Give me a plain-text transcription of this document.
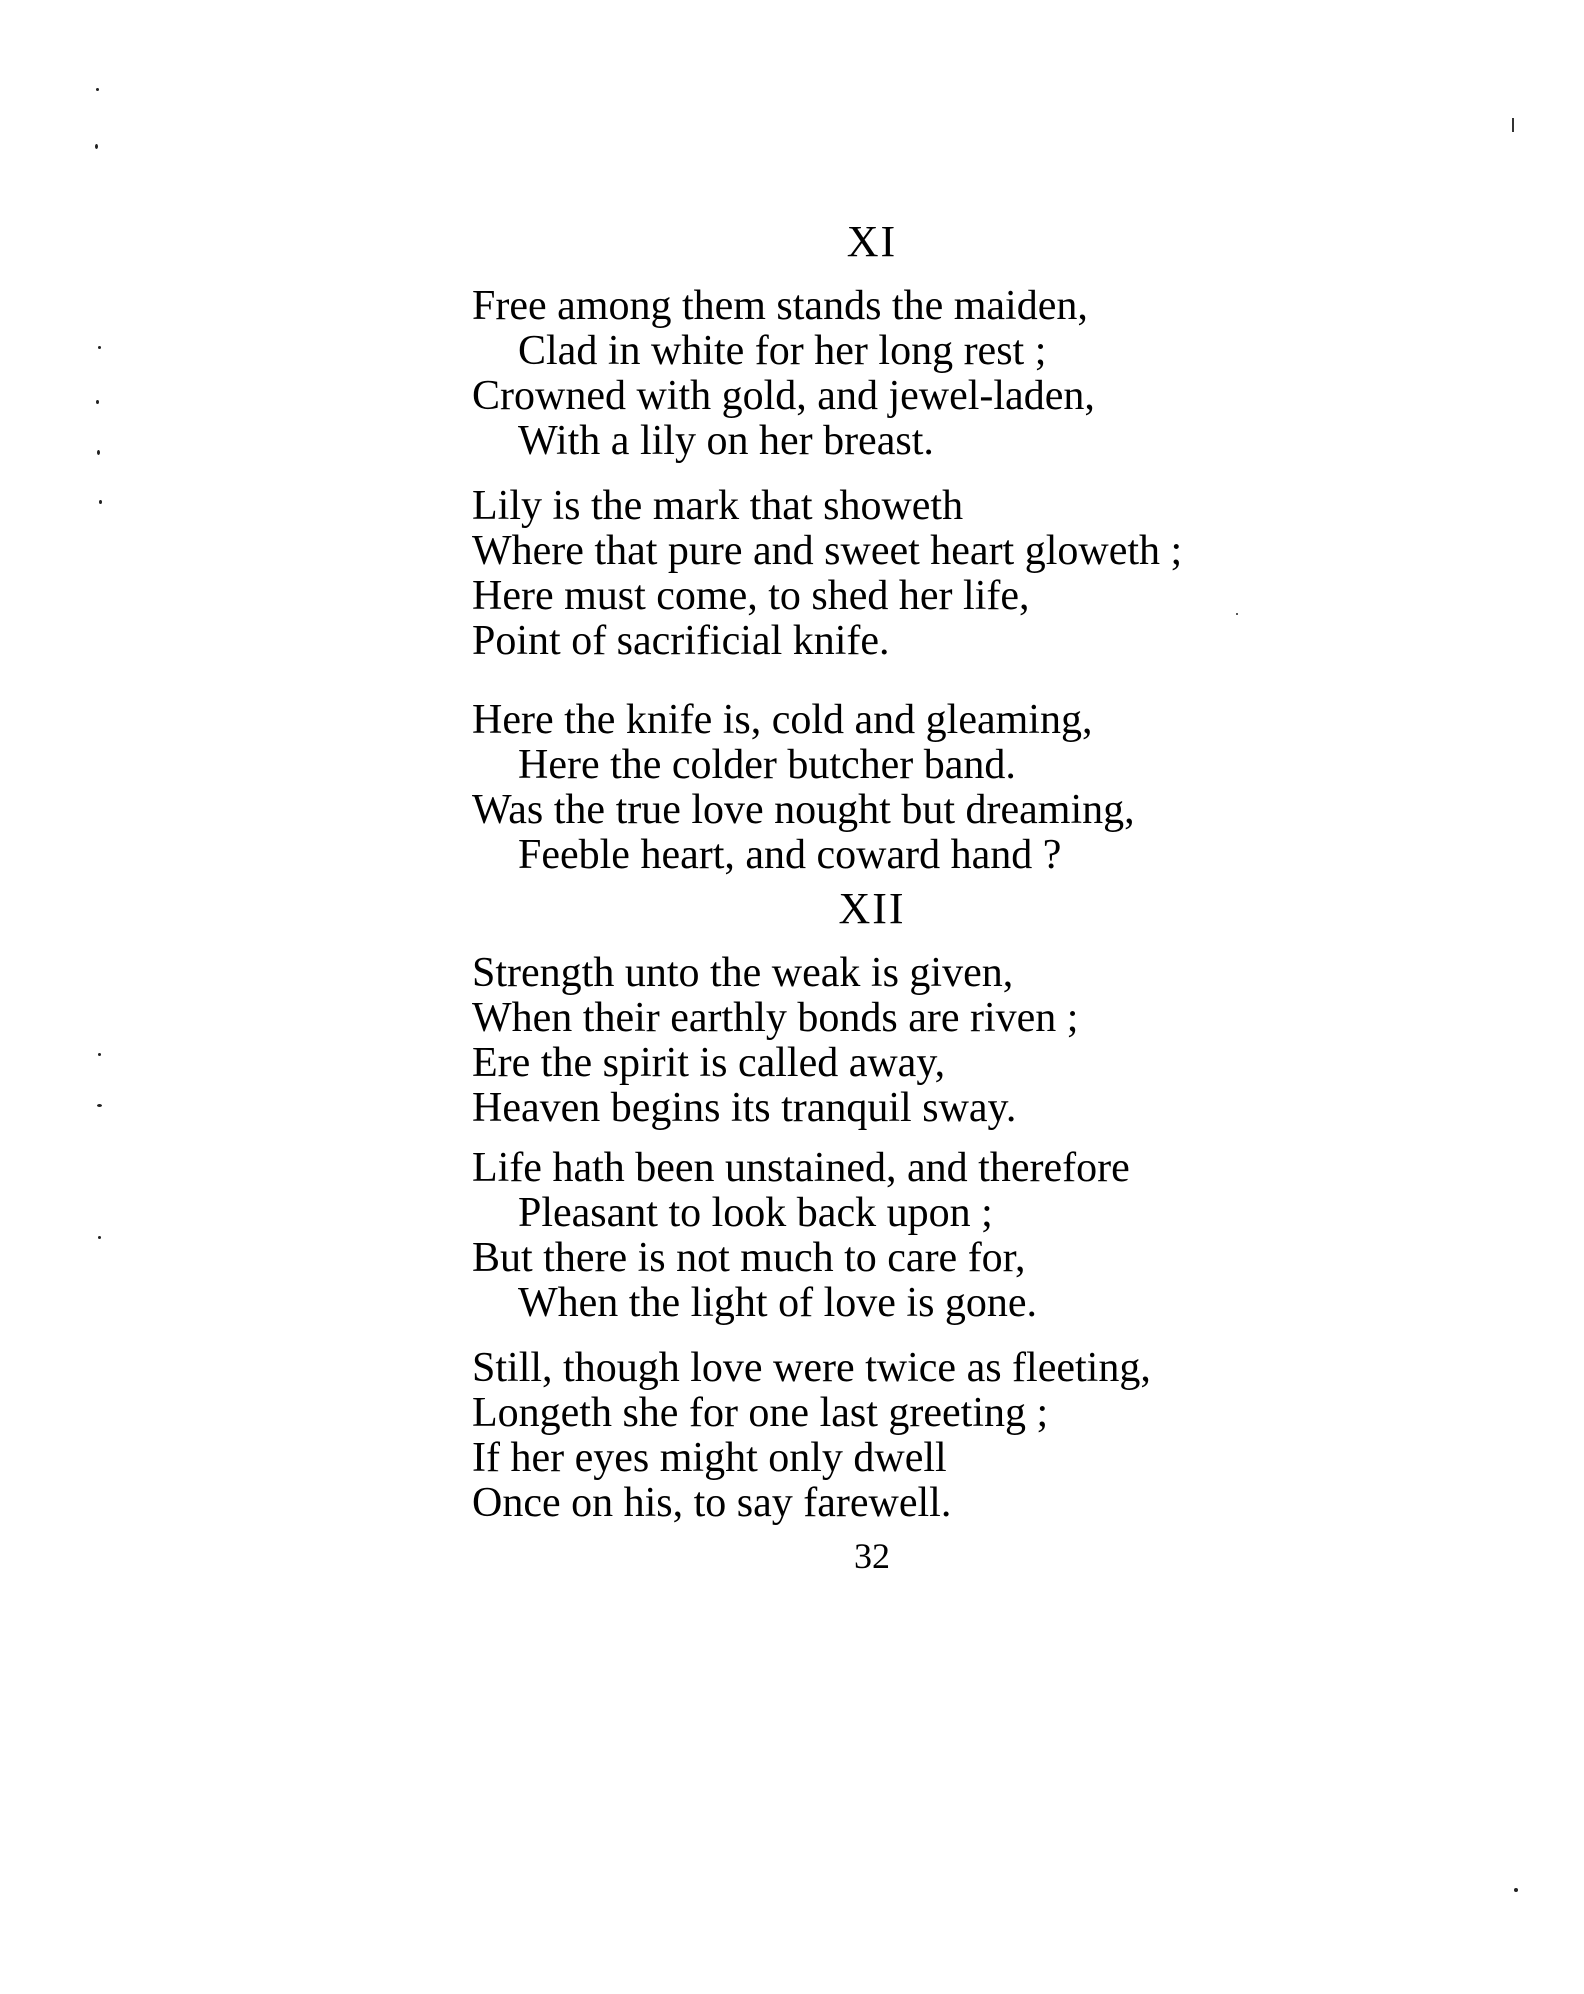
XI
Free among them stands the maiden,
Clad in white for her long rest ;
Crowned with gold, and jewel-laden,
With a lily on her breast.
Lily is the mark that showeth
Where that pure and sweet heart gloweth ;
Here must come, to shed her life,
Point of sacrificial knife.
Here the knife is, cold and gleaming,
Here the colder butcher band.
Was the true love nought but dreaming,
Feeble heart, and coward hand ?
XII
Strength unto the weak is given,
When their earthly bonds are riven ;
Ere the spirit is called away,
Heaven begins its tranquil sway.
Life hath been unstained, and therefore
Pleasant to look back upon ;
But there is not much to care for,
When the light of love is gone.
Still, though love were twice as fleeting,
Longeth she for one last greeting ;
If her eyes might only dwell
Once on his, to say farewell.
32
